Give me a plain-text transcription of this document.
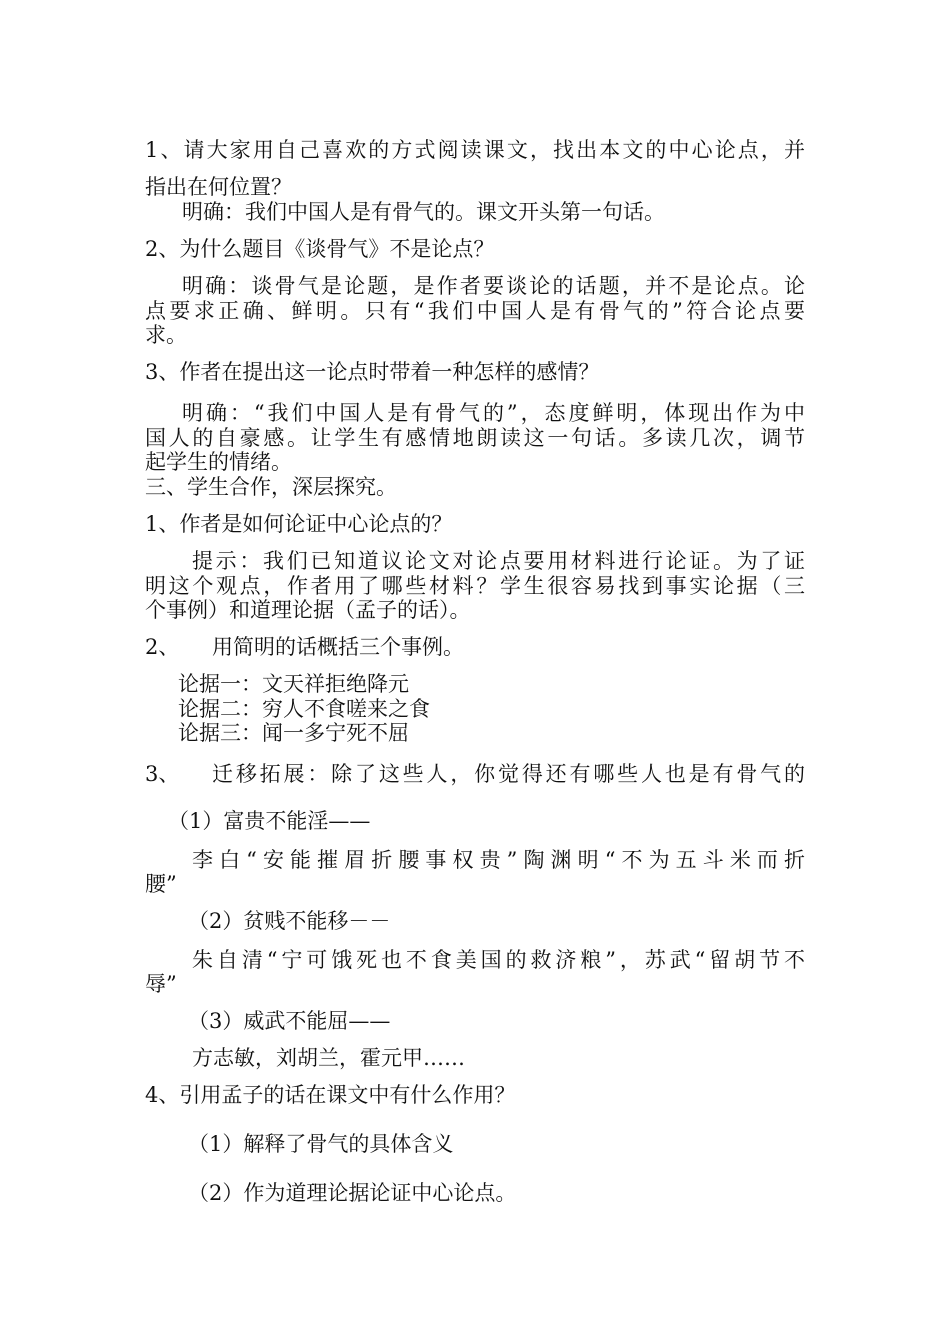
1、请大家用自己喜欢的方式阅读课文，找出本文的中心论点，并
指出在何位置？
明确：我们中国人是有骨气的。课文开头第一句话。
2、为什么题目《谈骨气》不是论点？
明确：谈骨气是论题，是作者要谈论的话题，并不是论点。论
点要求正确、鲜明。只有“我们中国人是有骨气的”符合论点要
求。
3、作者在提出这一论点时带着一种怎样的感情？
明确：“我们中国人是有骨气的”，态度鲜明，体现出作为中
国人的自豪感。让学生有感情地朗读这一句话。多读几次，调节
起学生的情绪。
三、学生合作，深层探究。
1、作者是如何论证中心论点的？
提示：我们已知道议论文对论点要用材料进行论证。为了证
明这个观点，作者用了哪些材料？学生很容易找到事实论据（三
个事例）和道理论据（孟子的话）。
2、 用简明的话概括三个事例。
论据一：文天祥拒绝降元
论据二：穷人不食嗟来之食
论据三：闻一多宁死不屈
3、 迁移拓展：除了这些人，你觉得还有哪些人也是有骨气的
（1）富贵不能淫——
李白“安能摧眉折腰事权贵”陶渊明“不为五斗米而折
腰”
（2）贫贱不能移－－
朱自清“宁可饿死也不食美国的救济粮”，苏武“留胡节不
辱”
（3）威武不能屈——
方志敏，刘胡兰，霍元甲……
4、引用孟子的话在课文中有什么作用？
（1）解释了骨气的具体含义
（2）作为道理论据论证中心论点。
